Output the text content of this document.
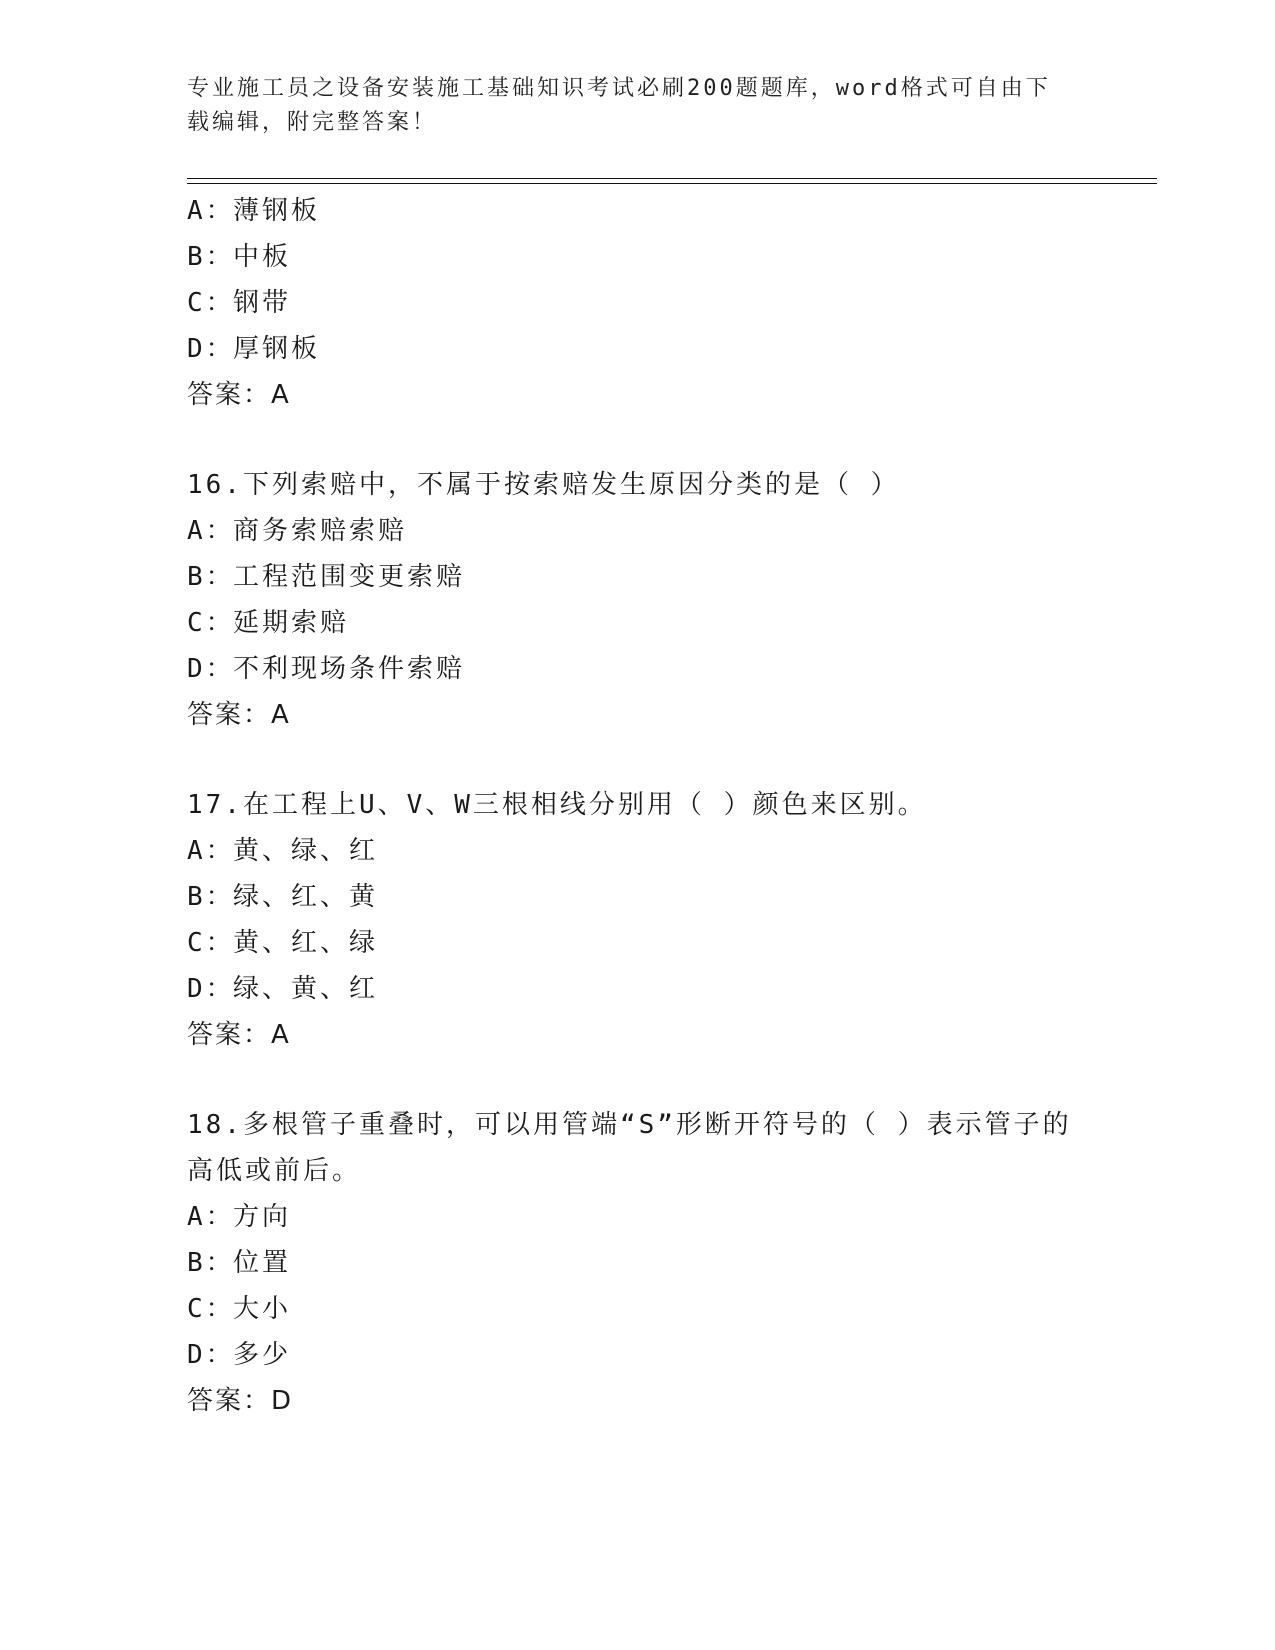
专业施工员之设备安装施工基础知识考试必刷200题题库，word格式可自由下载编辑，附完整答案！
A：薄钢板
B：中板
C：钢带
D：厚钢板
答案：A
16.下列索赔中，不属于按索赔发生原因分类的是（ ）
A：商务索赔索赔
B：工程范围变更索赔
C：延期索赔
D：不利现场条件索赔
答案：A
17.在工程上U、V、W三根相线分别用（ ）颜色来区别。
A：黄、绿、红
B：绿、红、黄
C：黄、红、绿
D：绿、黄、红
答案：A
18.多根管子重叠时，可以用管端“S”形断开符号的（ ）表示管子的高低或前后。
A：方向
B：位置
C：大小
D：多少
答案：D
